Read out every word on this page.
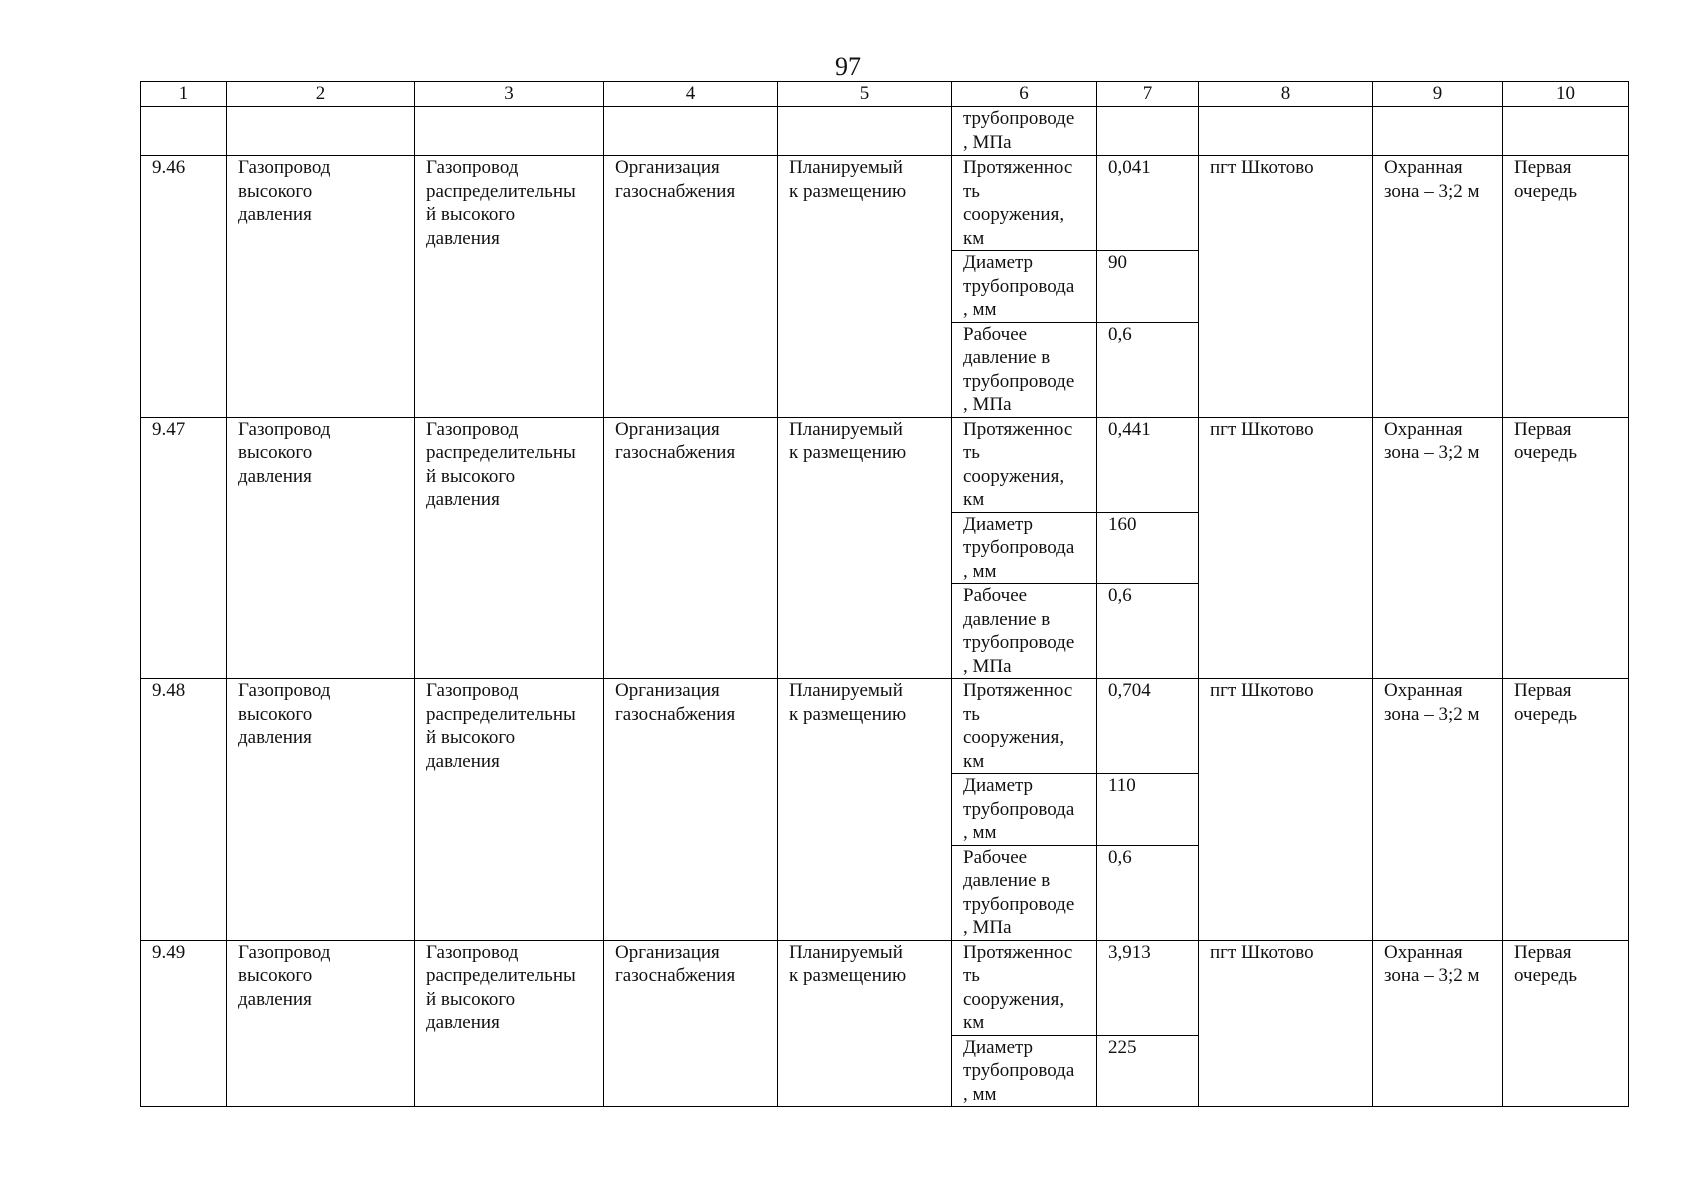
97
1	2	3	4	5	6	7	8	9	10
					трубопроводе
, МПа				
9.46	Газопровод
высокого
давления	Газопровод
распределительны
й высокого
давления	Организация
газоснабжения	Планируемый
к размещению	Протяженнос
ть
сооружения,
км	0,041	пгт Шкотово	Охранная
зона – 3;2 м	Первая
очередь
					Диаметр
трубопровода
, мм	90			
					Рабочее
давление в
трубопроводе
, МПа	0,6			
9.47	Газопровод
высокого
давления	Газопровод
распределительны
й высокого
давления	Организация
газоснабжения	Планируемый
к размещению	Протяженнос
ть
сооружения,
км	0,441	пгт Шкотово	Охранная
зона – 3;2 м	Первая
очередь
					Диаметр
трубопровода
, мм	160			
					Рабочее
давление в
трубопроводе
, МПа	0,6			
9.48	Газопровод
высокого
давления	Газопровод
распределительны
й высокого
давления	Организация
газоснабжения	Планируемый
к размещению	Протяженнос
ть
сооружения,
км	0,704	пгт Шкотово	Охранная
зона – 3;2 м	Первая
очередь
					Диаметр
трубопровода
, мм	110			
					Рабочее
давление в
трубопроводе
, МПа	0,6			
9.49	Газопровод
высокого
давления	Газопровод
распределительны
й высокого
давления	Организация
газоснабжения	Планируемый
к размещению	Протяженнос
ть
сооружения,
км	3,913	пгт Шкотово	Охранная
зона – 3;2 м	Первая
очередь
					Диаметр
трубопровода
, мм	225			
